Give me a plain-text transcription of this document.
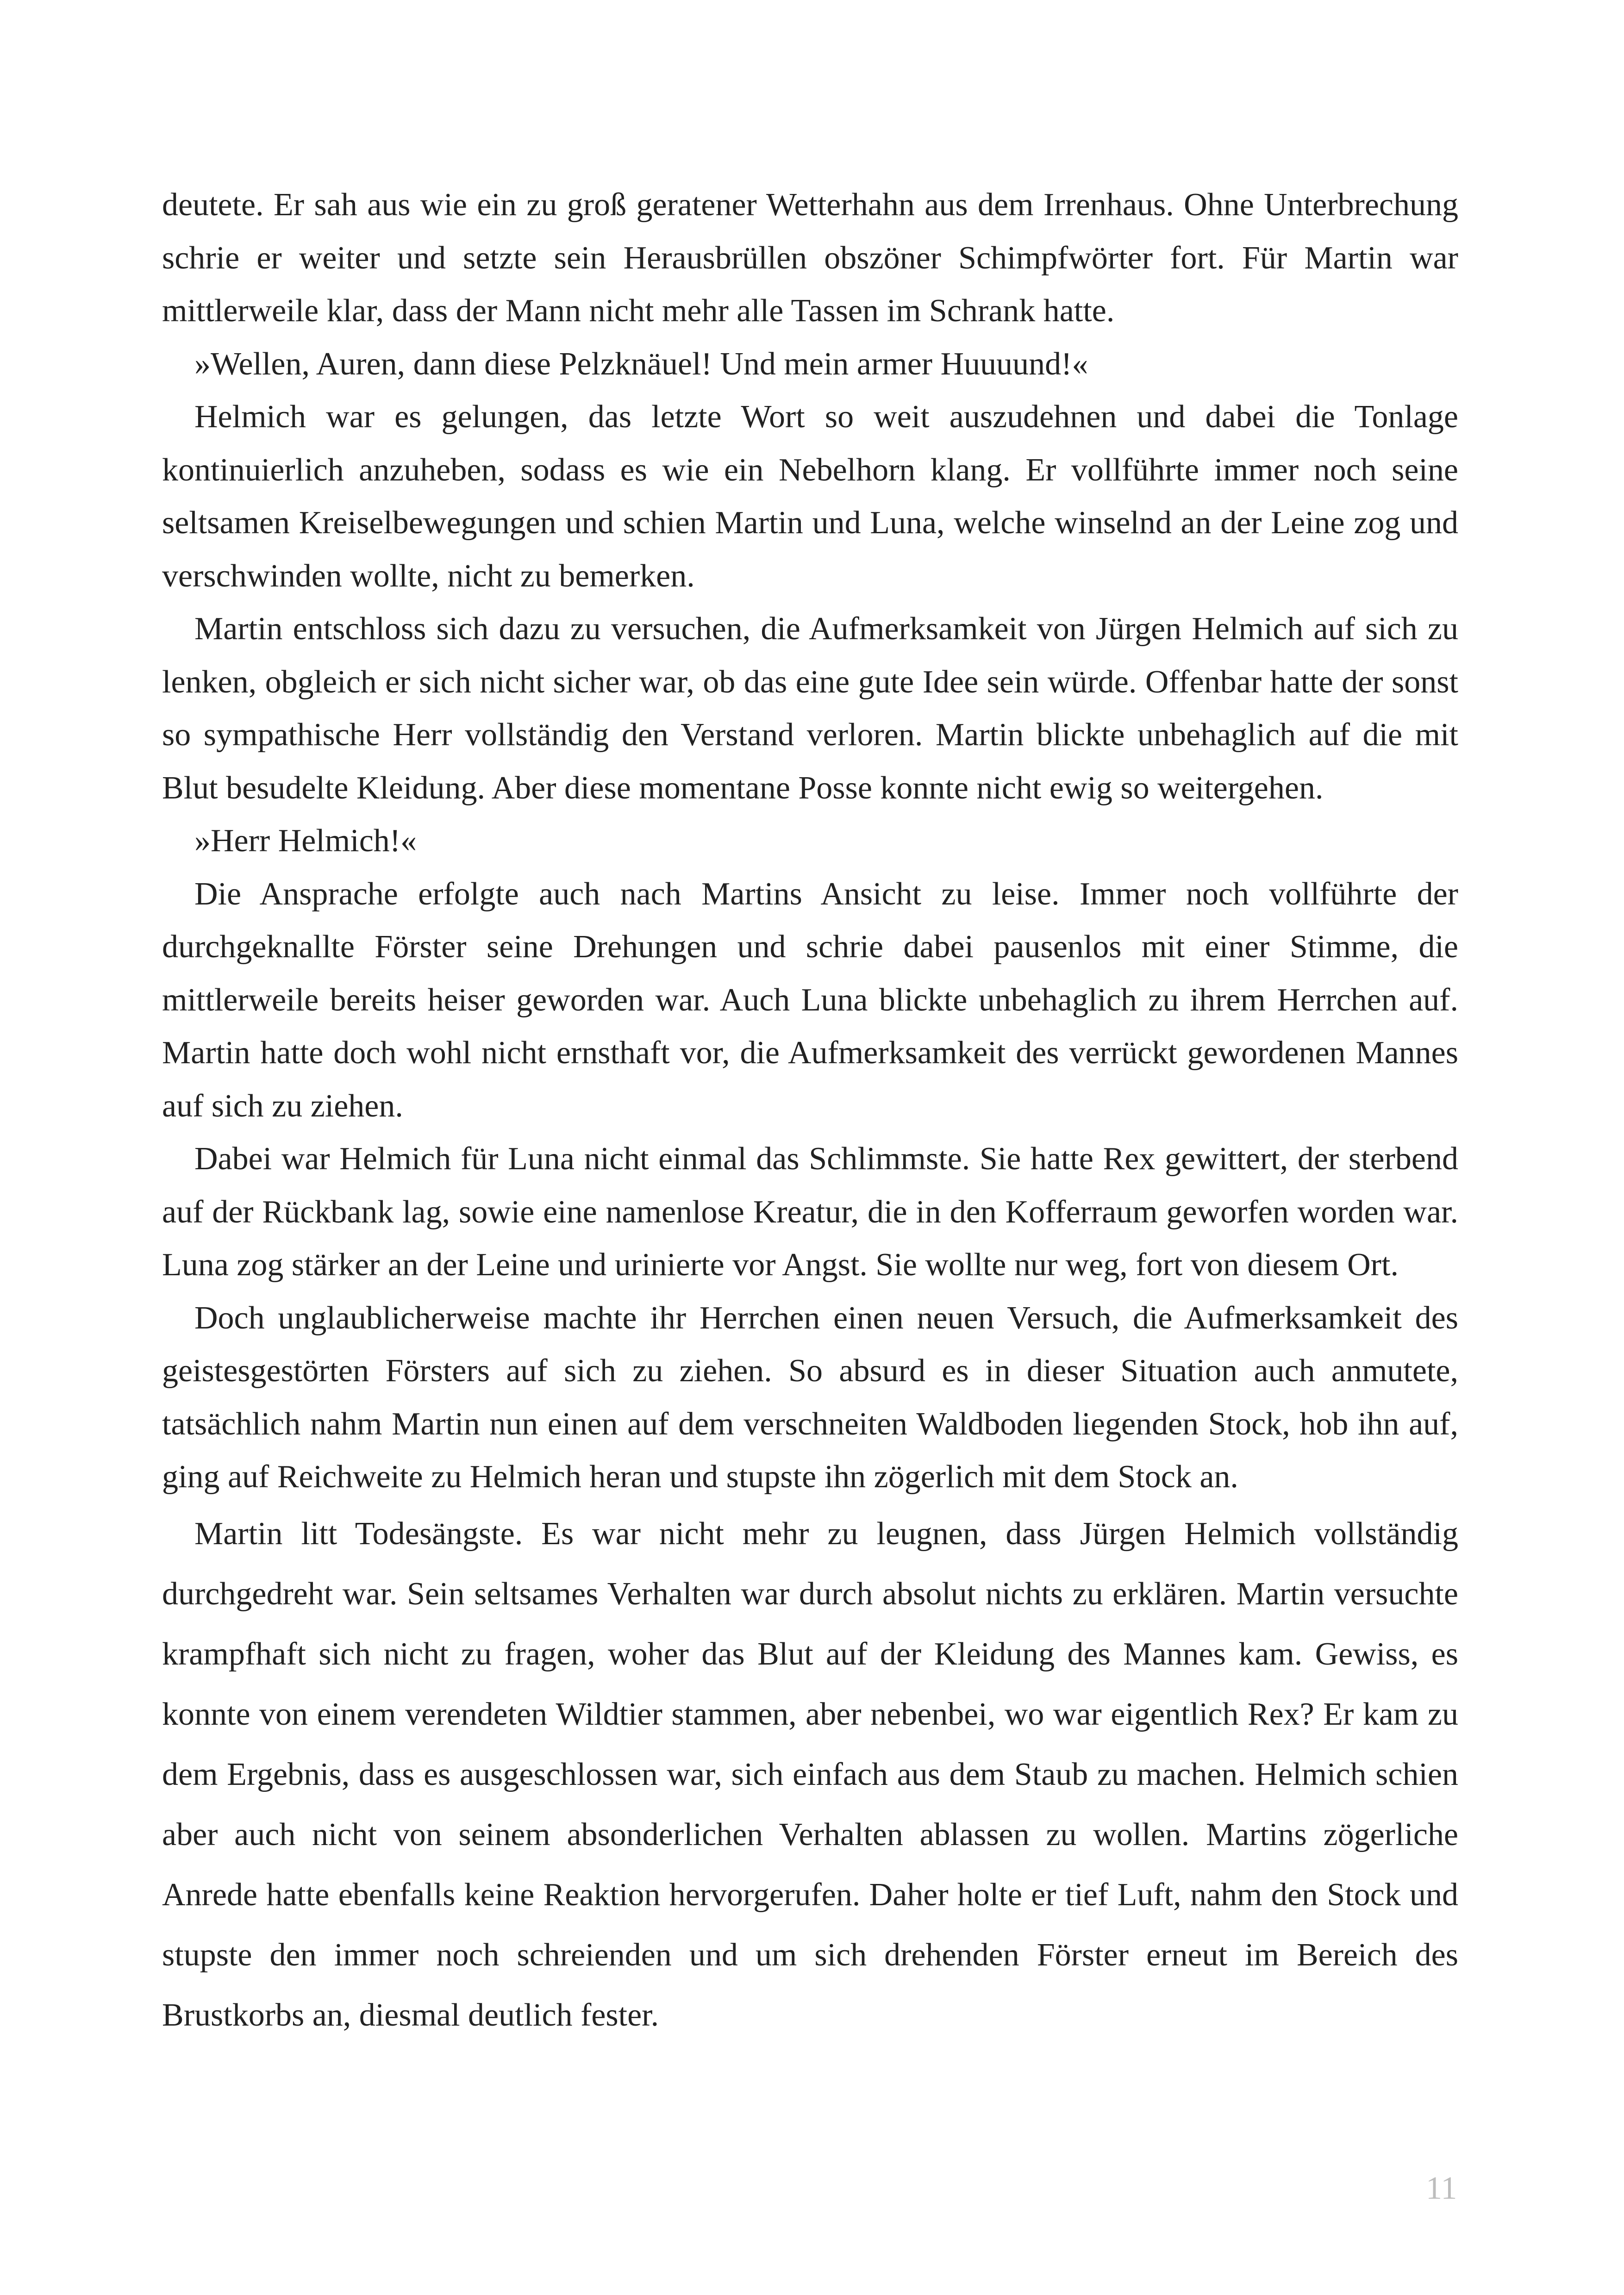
deutete. Er sah aus wie ein zu groß geratener Wetterhahn aus dem Irrenhaus. Ohne Unterbrechung schrie er weiter und setzte sein Herausbrüllen obszöner Schimpfwörter fort. Für Martin war mittlerweile klar, dass der Mann nicht mehr alle Tassen im Schrank hatte.

»Wellen, Auren, dann diese Pelzknäuel! Und mein armer Huuuund!«

Helmich war es gelungen, das letzte Wort so weit auszudehnen und dabei die Tonlage kontinuierlich anzuheben, sodass es wie ein Nebelhorn klang. Er vollführte immer noch seine seltsamen Kreiselbewegungen und schien Martin und Luna, welche winselnd an der Leine zog und verschwinden wollte, nicht zu bemerken.

Martin entschloss sich dazu zu versuchen, die Aufmerksamkeit von Jürgen Helmich auf sich zu lenken, obgleich er sich nicht sicher war, ob das eine gute Idee sein würde. Offenbar hatte der sonst so sympathische Herr vollständig den Verstand verloren. Martin blickte unbehaglich auf die mit Blut besudelte Kleidung. Aber diese momentane Posse konnte nicht ewig so weitergehen.

»Herr Helmich!«

Die Ansprache erfolgte auch nach Martins Ansicht zu leise. Immer noch vollführte der durchgeknallte Förster seine Drehungen und schrie dabei pausenlos mit einer Stimme, die mittlerweile bereits heiser geworden war. Auch Luna blickte unbehaglich zu ihrem Herrchen auf. Martin hatte doch wohl nicht ernsthaft vor, die Aufmerksamkeit des verrückt gewordenen Mannes auf sich zu ziehen.

Dabei war Helmich für Luna nicht einmal das Schlimmste. Sie hatte Rex gewittert, der sterbend auf der Rückbank lag, sowie eine namenlose Kreatur, die in den Kofferraum geworfen worden war. Luna zog stärker an der Leine und urinierte vor Angst. Sie wollte nur weg, fort von diesem Ort.

Doch unglaublicherweise machte ihr Herrchen einen neuen Versuch, die Aufmerksamkeit des geistesgestörten Försters auf sich zu ziehen. So absurd es in dieser Situation auch anmutete, tatsächlich nahm Martin nun einen auf dem verschneiten Waldboden liegenden Stock, hob ihn auf, ging auf Reichweite zu Helmich heran und stupste ihn zögerlich mit dem Stock an.

Martin litt Todesängste. Es war nicht mehr zu leugnen, dass Jürgen Helmich vollständig durchgedreht war. Sein seltsames Verhalten war durch absolut nichts zu erklären. Martin versuchte krampfhaft sich nicht zu fragen, woher das Blut auf der Kleidung des Mannes kam. Gewiss, es konnte von einem verendeten Wildtier stammen, aber nebenbei, wo war eigentlich Rex? Er kam zu dem Ergebnis, dass es ausgeschlossen war, sich einfach aus dem Staub zu machen. Helmich schien aber auch nicht von seinem absonderlichen Verhalten ablassen zu wollen. Martins zögerliche Anrede hatte ebenfalls keine Reaktion hervorgerufen. Daher holte er tief Luft, nahm den Stock und stupste den immer noch schreienden und um sich drehenden Förster erneut im Bereich des Brustkorbs an, diesmal deutlich fester.

11
